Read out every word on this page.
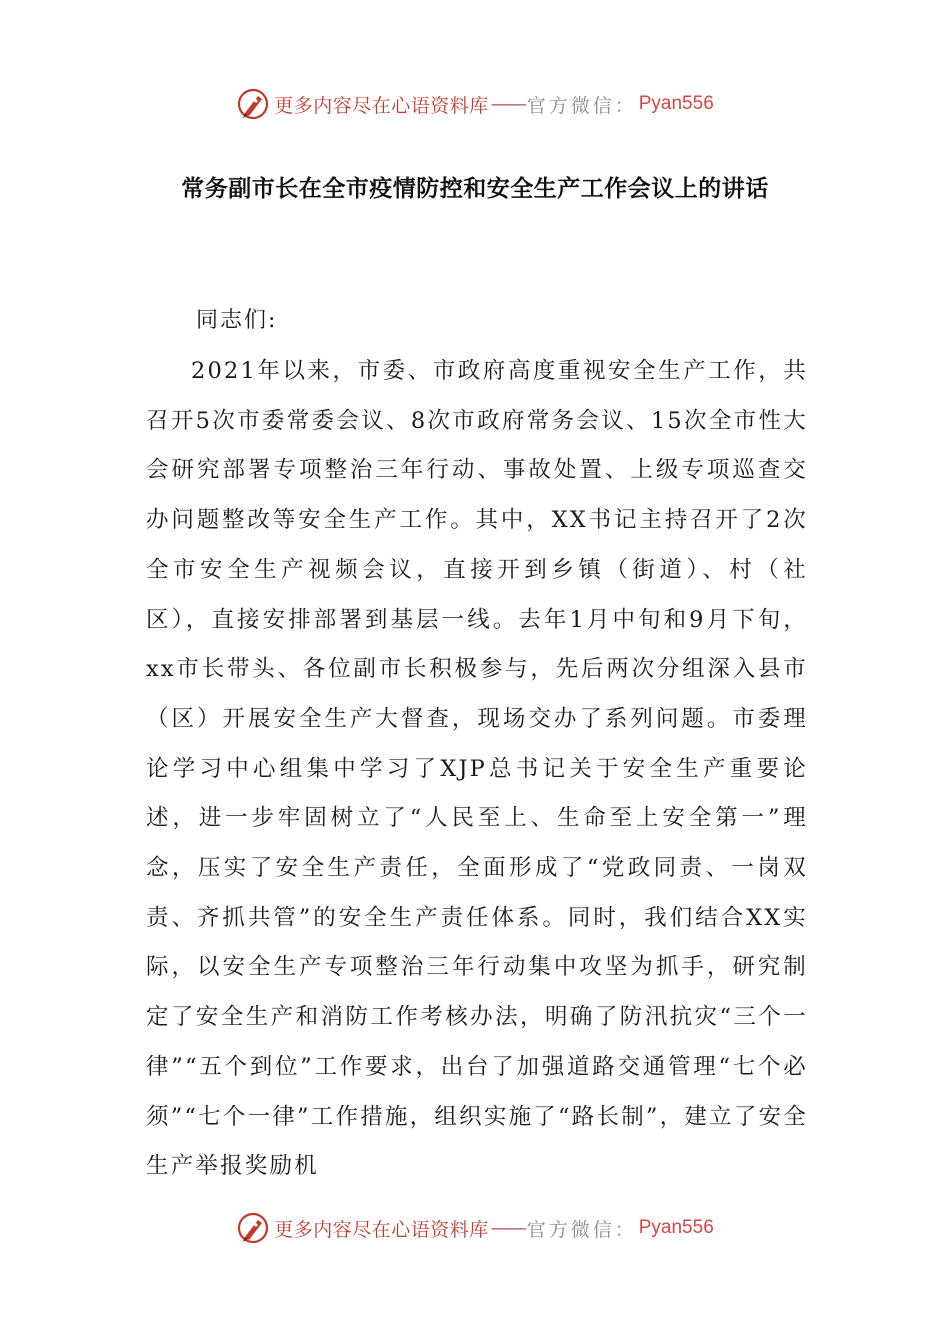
更多内容尽在心语资料库 —— 官方微信： Pyan556
常务副市长在全市疫情防控和安全生产工作会议上的讲话
同志们:

2021年以来，市委、市政府高度重视安全生产工作，共召开5次市委常委会议、8次市政府常务会议、15次全市性大会研究部署专项整治三年行动、事故处置、上级专项巡查交办问题整改等安全生产工作。其中，XX书记主持召开了2次全市安全生产视频会议，直接开到乡镇（街道）、村（社区），直接安排部署到基层一线。去年1月中旬和9月下旬，xx市长带头、各位副市长积极参与，先后两次分组深入县市（区）开展安全生产大督查，现场交办了系列问题。市委理论学习中心组集中学习了XJP总书记关于安全生产重要论述，进一步牢固树立了“人民至上、生命至上安全第一”理念，压实了安全生产责任，全面形成了“党政同责、一岗双责、齐抓共管”的安全生产责任体系。同时，我们结合XX实际，以安全生产专项整治三年行动集中攻坚为抓手，研究制定了安全生产和消防工作考核办法，明确了防汛抗灾“三个一律”“五个到位”工作要求，出台了加强道路交通管理“七个必须”“七个一律”工作措施，组织实施了“路长制”，建立了安全生产举报奖励机

更多内容尽在心语资料库 —— 官方微信： Pyan556
